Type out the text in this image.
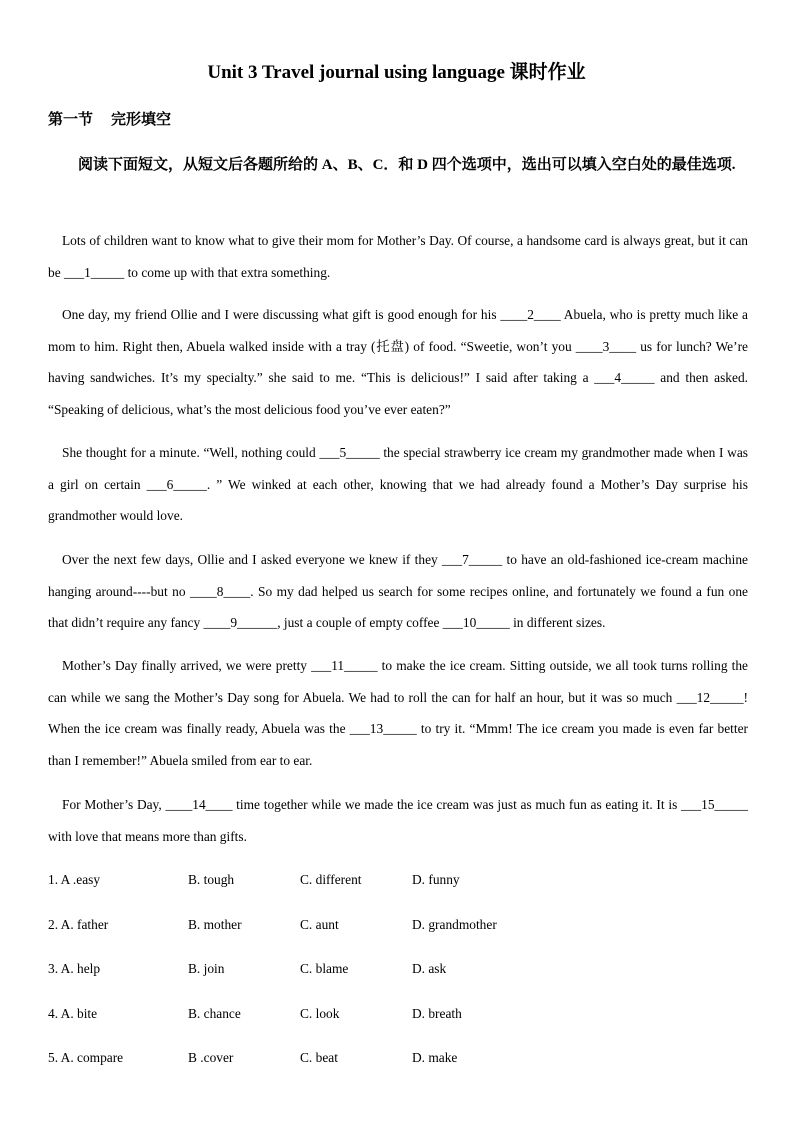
Unit 3 Travel journal using language 课时作业
第一节 完形填空
阅读下面短文，从短文后各题所给的 A、B、C．和 D 四个选项中，选出可以填入空白处的最佳选项.

Lots of children want to know what to give their mom for Mother’s Day. Of course, a handsome card is always great, but it can be ___1_____ to come up with that extra something.

One day, my friend Ollie and I were discussing what gift is good enough for his ____2____ Abuela, who is pretty much like a mom to him. Right then, Abuela walked inside with a tray (托盘) of food. “Sweetie, won’t you ____3____ us for lunch? We’re having sandwiches. It’s my specialty.” she said to me. “This is delicious!” I said after taking a ___4_____ and then asked. “Speaking of delicious, what’s the most delicious food you’ve ever eaten?”

She thought for a minute. “Well, nothing could ___5_____ the special strawberry ice cream my grandmother made when I was a girl on certain ___6_____. ” We winked at each other, knowing that we had already found a Mother’s Day surprise his grandmother would love.

Over the next few days, Ollie and I asked everyone we knew if they ___7_____ to have an old-fashioned ice-cream machine hanging around----but no ____8____. So my dad helped us search for some recipes online, and fortunately we found a fun one that didn’t require any fancy ____9______, just a couple of empty coffee ___10_____ in different sizes.

Mother’s Day finally arrived, we were pretty ___11_____ to make the ice cream. Sitting outside, we all took turns rolling the can while we sang the Mother’s Day song for Abuela. We had to roll the can for half an hour, but it was so much ___12_____! When the ice cream was finally ready, Abuela was the ___13_____ to try it. “Mmm! The ice cream you made is even far better than I remember!” Abuela smiled from ear to ear.

For Mother’s Day, ____14____ time together while we made the ice cream was just as much fun as eating it. It is ___15_____ with love that means more than gifts.

1. A .easy	B. tough	C. different	D. funny
2. A. father	B. mother	C. aunt	D. grandmother
3. A. help	B. join	C. blame	D. ask
4. A. bite	B. chance	C. look	D. breath
5. A. compare	B .cover	C. beat	D. make
